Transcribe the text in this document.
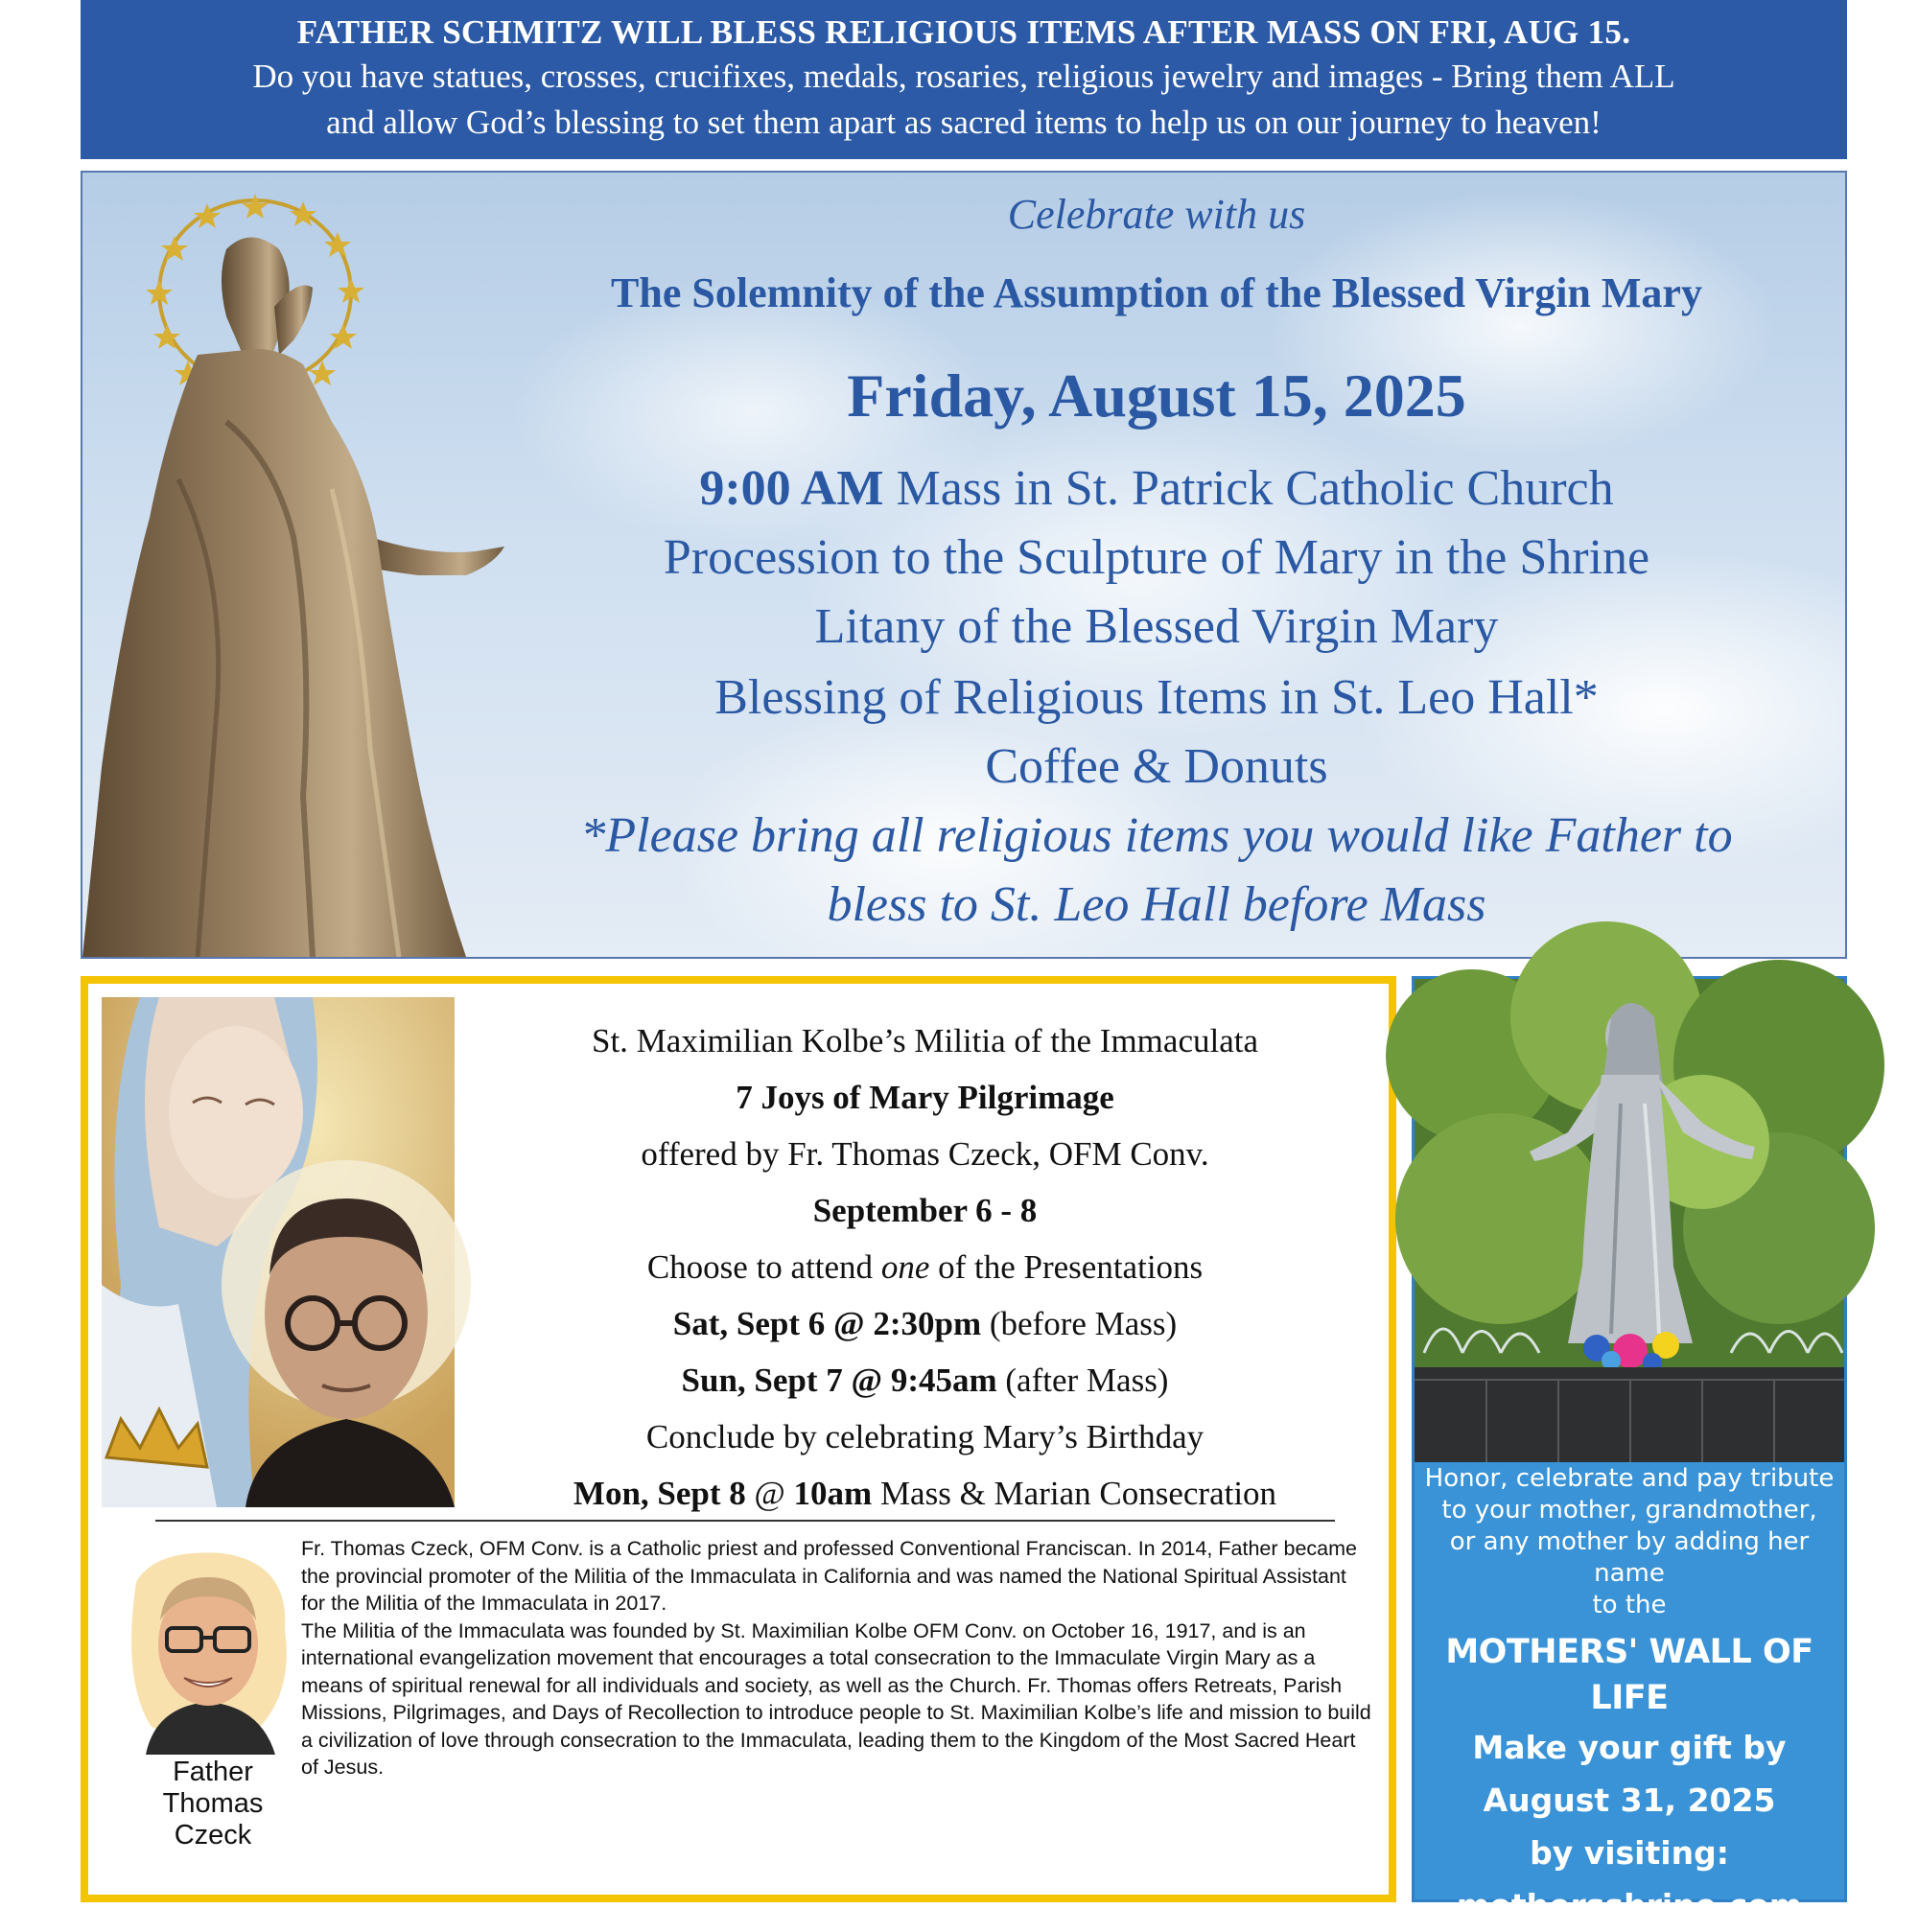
FATHER SCHMITZ WILL BLESS RELIGIOUS ITEMS AFTER MASS ON FRI, AUG 15.
Do you have statues, crosses, crucifixes, medals, rosaries, religious jewelry and images - Bring them ALL
and allow God’s blessing to set them apart as sacred items to help us on our journey to heaven!
Celebrate with us
The Solemnity of the Assumption of the Blessed Virgin Mary
Friday, August 15, 2025
9:00 AM Mass in St. Patrick Catholic Church
Procession to the Sculpture of Mary in the Shrine
Litany of the Blessed Virgin Mary
Blessing of Religious Items in St. Leo Hall*
Coffee & Donuts
*Please bring all religious items you would like Father to
bless to St. Leo Hall before Mass
St. Maximilian Kolbe’s Militia of the Immaculata
7 Joys of Mary Pilgrimage
offered by Fr. Thomas Czeck, OFM Conv.
September 6 - 8
Choose to attend one of the Presentations
Sat, Sept 6 @ 2:30pm (before Mass)
Sun, Sept 7 @ 9:45am (after Mass)
Conclude by celebrating Mary’s Birthday
Mon, Sept 8 @ 10am Mass & Marian Consecration
Father
Thomas
Czeck

Fr. Thomas Czeck, OFM Conv. is a Catholic priest and professed Conventional Franciscan. In 2014, Father became the provincial promoter of the Militia of the Immaculata in California and was named the National Spiritual Assistant for the Militia of the Immaculata in 2017.

The Militia of the Immaculata was founded by St. Maximilian Kolbe OFM Conv. on October 16, 1917, and is an international evangelization movement that encourages a total consecration to the Immaculate Virgin Mary as a means of spiritual renewal for all individuals and society, as well as the Church. Fr. Thomas offers Retreats, Parish Missions, Pilgrimages, and Days of Recollection to introduce people to St. Maximilian Kolbe’s life and mission to build a civilization of love through consecration to the Immaculata, leading them to the Kingdom of the Most Sacred Heart of Jesus.

Honor, celebrate and pay tribute
to your mother, grandmother,
or any mother by adding her name
to the
MOTHERS' WALL OF LIFE
Make your gift by
August 31, 2025
by visiting:
mothersshrine.com
